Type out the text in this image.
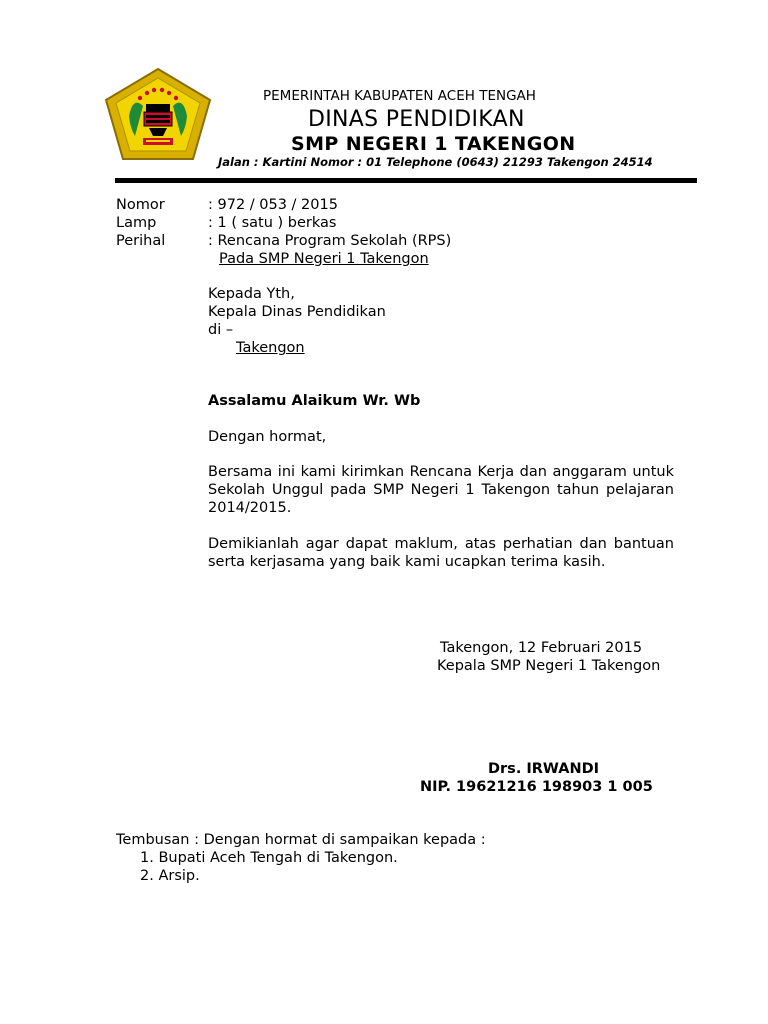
PEMERINTAH KABUPATEN ACEH TENGAH
DINAS PENDIDIKAN
SMP NEGERI 1 TAKENGON
Jalan : Kartini Nomor : 01 Telephone (0643) 21293 Takengon 24514
Nomor	: 972 / 053 / 2015
Lamp	: 1 ( satu ) berkas
Perihal	: Rencana Program Sekolah (RPS)
Pada SMP Negeri 1 Takengon
Kepada Yth,
Kepala Dinas Pendidikan
di –
Takengon
Assalamu Alaikum Wr. Wb
Dengan hormat,
Bersama ini kami kirimkan Rencana Kerja dan anggaram untuk Sekolah Unggul pada SMP Negeri 1 Takengon tahun pelajaran 2014/2015.
Demikianlah agar dapat maklum, atas perhatian dan bantuan serta kerjasama yang baik kami ucapkan terima kasih.
Takengon, 12 Februari 2015
Kepala SMP Negeri 1 Takengon
Drs. IRWANDI
NIP. 19621216 198903 1 005
Tembusan : Dengan hormat di sampaikan kepada :
1. Bupati Aceh Tengah di Takengon.
2. Arsip.
